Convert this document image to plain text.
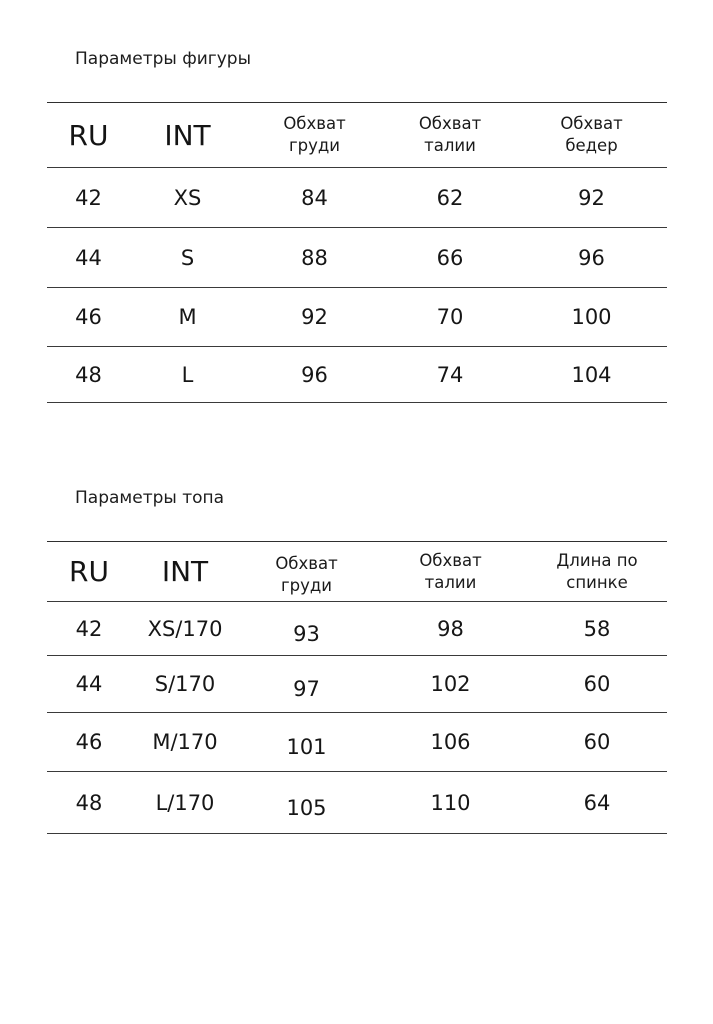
Параметры фигуры
RU	INT	Обхват груди	Обхват талии	Обхват бедер
42	XS	84	62	92
44	S	88	66	96
46	M	92	70	100
48	L	96	74	104
Параметры топа
RU	INT	Обхват груди	Обхват талии	Длина по спинке
42	XS/170	93	98	58
44	S/170	97	102	60
46	M/170	101	106	60
48	L/170	105	110	64
